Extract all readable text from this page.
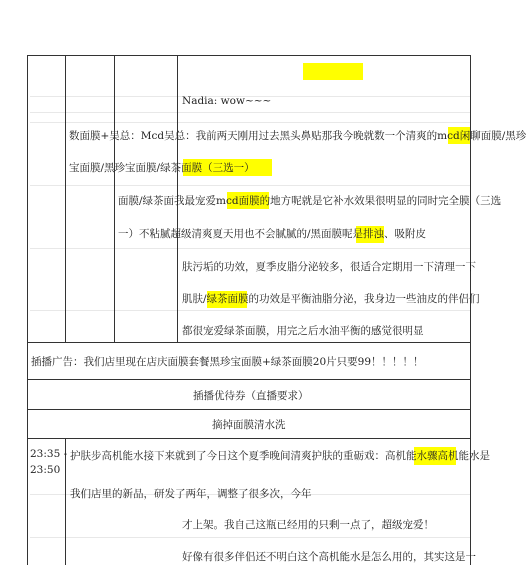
Nadia: wow~~~
数面膜+吴总：Mcd吴总：我前两天刚用过去黑头鼻贴那我今晚就数一个清爽的mcd闲聊面膜/黑珍
宝面膜/黑珍宝面膜/绿茶面膜（三选一）
面膜/绿茶面我最宠爱mcd面膜的地方呢就是它补水效果很明显的同时完全膜（三选
一）不粘腻超级清爽夏天用也不会腻腻的/黑面膜呢是排浊、吸附皮
肤污垢的功效，夏季皮脂分泌较多，很适合定期用一下清理一下
肌肤/绿茶面膜的功效是平衡油脂分泌，我身边一些油皮的伴侣们
都很宠爱绿茶面膜，用完之后水油平衡的感觉很明显
插播广告：我们店里现在店庆面膜套餐黑珍宝面膜+绿茶面膜20片只要99！！！！！
插播优待券（直播要求）
摘掉面膜清水洗
23:35 -
23:50
护肤步高机能水接下来就到了今日这个夏季晚间清爽护肤的重砺戏：高机能水骤高机能水是
我们店里的新品，研发了两年，调整了很多次，今年
才上架。我自己这瓶已经用的只剩一点了，超级宠爱！
好像有很多伴侣还不明白这个高机能水是怎么用的，其实这是一
